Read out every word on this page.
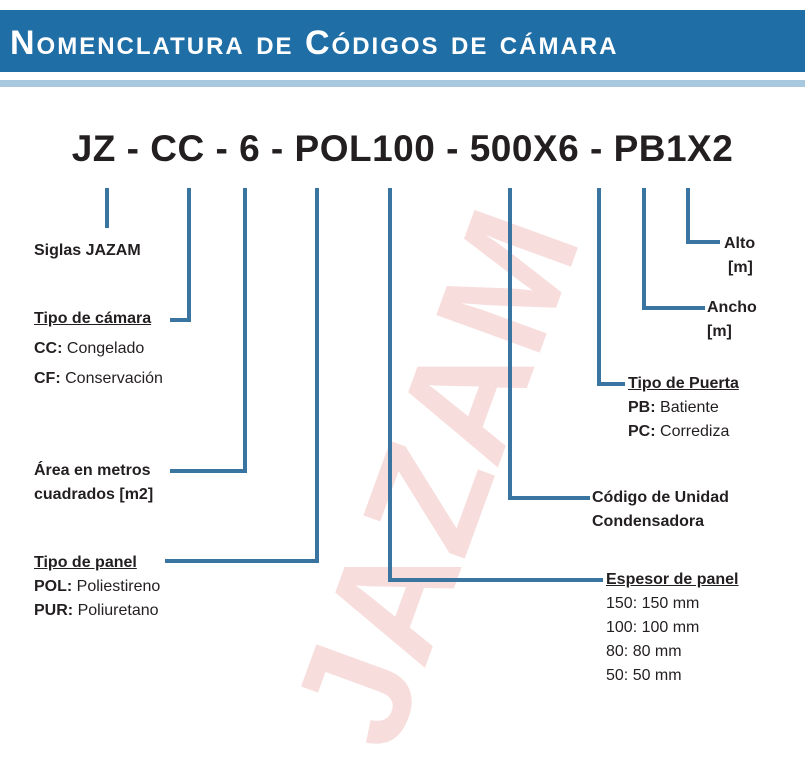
Nomenclatura de Códigos de cámara
JAZAM
JZ - CC - 6 - POL100 - 500X6 - PB1X2
Siglas JAZAM
Tipo de cámara
CC: Congelado
CF: Conservación
Área en metros
cuadrados [m2]
Tipo de panel
POL: Poliestireno
PUR: Poliuretano
Alto
[m]
Ancho
[m]
Tipo de Puerta
PB: Batiente
PC: Corrediza
Código de Unidad
Condensadora
Espesor de panel
150: 150 mm
100: 100 mm
80: 80 mm
50: 50 mm
